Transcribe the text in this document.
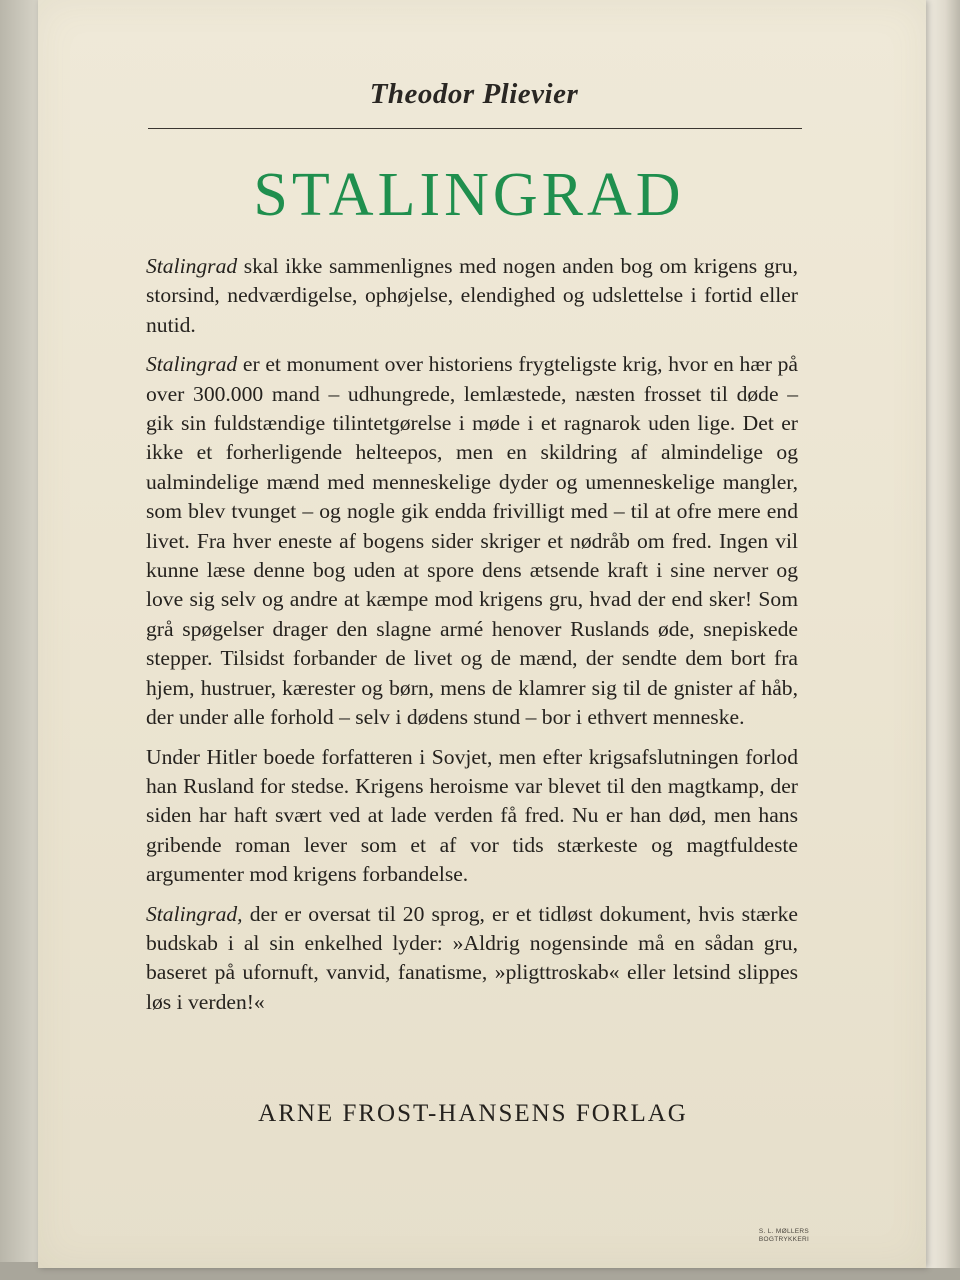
Theodor Plievier
STALINGRAD

Stalingrad skal ikke sammenlignes med nogen anden bog om krigens gru, storsind, nedværdigelse, ophøjelse, elendighed og udslettelse i fortid eller nutid.

Stalingrad er et monument over historiens frygteligste krig, hvor en hær på over 300.000 mand – udhungrede, lemlæstede, næsten frosset til døde – gik sin fuldstændige tilintetgørelse i møde i et ragnarok uden lige. Det er ikke et forherligende helteepos, men en skildring af almindelige og ualmindelige mænd med menneskelige dyder og umenneskelige mangler, som blev tvunget – og nogle gik endda frivilligt med – til at ofre mere end livet. Fra hver eneste af bogens sider skriger et nødråb om fred. Ingen vil kunne læse denne bog uden at spore dens ætsende kraft i sine nerver og love sig selv og andre at kæmpe mod krigens gru, hvad der end sker! Som grå spøgelser drager den slagne armé henover Ruslands øde, snepiskede stepper. Tilsidst forbander de livet og de mænd, der sendte dem bort fra hjem, hustruer, kærester og børn, mens de klamrer sig til de gnister af håb, der under alle forhold – selv i dødens stund – bor i ethvert menneske.

Under Hitler boede forfatteren i Sovjet, men efter krigsafslutningen forlod han Rusland for stedse. Krigens heroisme var blevet til den magtkamp, der siden har haft svært ved at lade verden få fred. Nu er han død, men hans gribende roman lever som et af vor tids stærkeste og magtfuldeste argumenter mod krigens forbandelse.

Stalingrad, der er oversat til 20 sprog, er et tidløst dokument, hvis stærke budskab i al sin enkelhed lyder: »Aldrig nogensinde må en sådan gru, baseret på ufornuft, vanvid, fanatisme, »pligttroskab« eller letsind slippes løs i verden!«

ARNE FROST-HANSENS FORLAG
S. L. MØLLERS
BOGTRYKKERI
